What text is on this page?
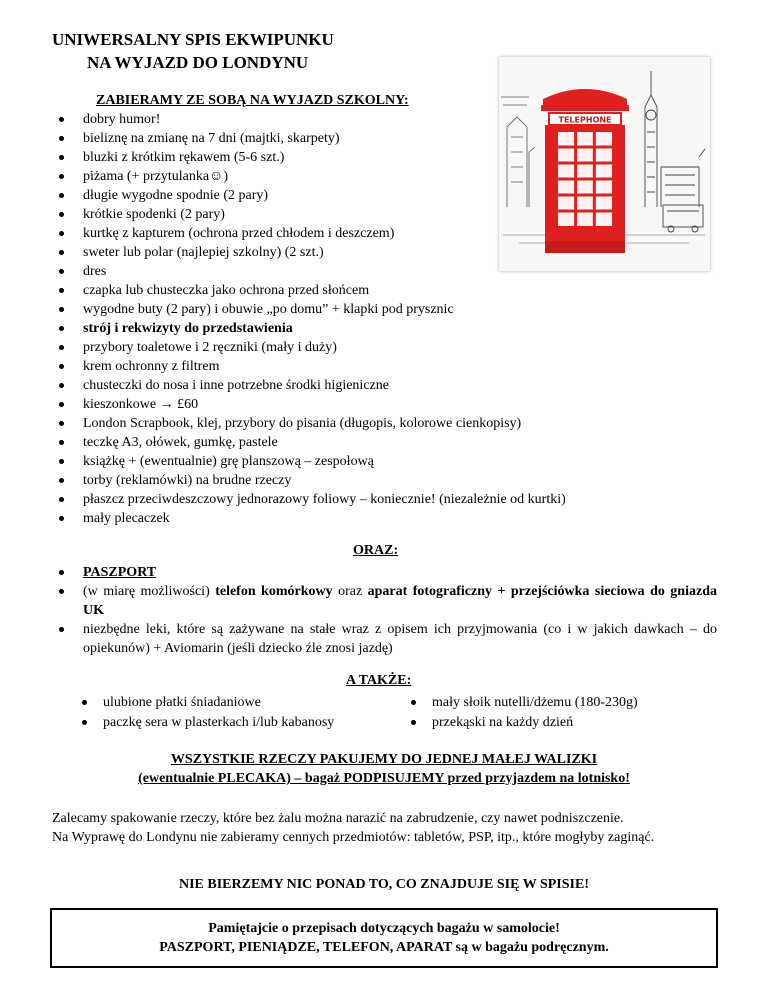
UNIWERSALNY SPIS EKWIPUNKU
NA WYJAZD DO LONDYNU
TELEPHONE
ZABIERAMY ZE SOBĄ NA WYJAZD SZKOLNY:
dobry humor!
bieliznę na zmianę na 7 dni (majtki, skarpety)
bluzki z krótkim rękawem (5-6 szt.)
piżama (+ przytulanka☺)
długie wygodne spodnie (2 pary)
krótkie spodenki (2 pary)
kurtkę z kapturem (ochrona przed chłodem i deszczem)
sweter lub polar (najlepiej szkolny) (2 szt.)
dres
czapka lub chusteczka jako ochrona przed słońcem
wygodne buty (2 pary) i obuwie „po domu” + klapki pod prysznic
strój i rekwizyty do przedstawienia
przybory toaletowe i 2 ręczniki (mały i duży)
krem ochronny z filtrem
chusteczki do nosa i inne potrzebne środki higieniczne
kieszonkowe → £60
London Scrapbook, klej, przybory do pisania (długopis, kolorowe cienkopisy)
teczkę A3, ołówek, gumkę, pastele
książkę + (ewentualnie) grę planszową – zespołową
torby (reklamówki) na brudne rzeczy
płaszcz przeciwdeszczowy jednorazowy foliowy – koniecznie! (niezależnie od kurtki)
mały plecaczek
ORAZ:
PASZPORT
(w miarę możliwości) telefon komórkowy oraz aparat fotograficzny + przejściówka sieciowa do gniazda UK
niezbędne leki, które są zażywane na stałe wraz z opisem ich przyjmowania (co i w jakich dawkach – do opiekunów) + Aviomarin (jeśli dziecko źle znosi jazdę)
A TAKŻE:
ulubione płatki śniadaniowe
paczkę sera w plasterkach i/lub kabanosy
mały słoik nutelli/dżemu (180-230g)
przekąski na każdy dzień
WSZYSTKIE RZECZY PAKUJEMY DO JEDNEJ MAŁEJ WALIZKI
(ewentualnie PLECAKA) – bagaż PODPISUJEMY przed przyjazdem na lotnisko!
Zalecamy spakowanie rzeczy, które bez żalu można narazić na zabrudzenie, czy nawet podniszczenie.
Na Wyprawę do Londynu nie zabieramy cennych przedmiotów: tabletów, PSP, itp., które mogłyby zaginąć.
NIE BIERZEMY NIC PONAD TO, CO ZNAJDUJE SIĘ W SPISIE!
Pamiętajcie o przepisach dotyczących bagażu w samolocie!
PASZPORT, PIENIĄDZE, TELEFON, APARAT są w bagażu podręcznym.
